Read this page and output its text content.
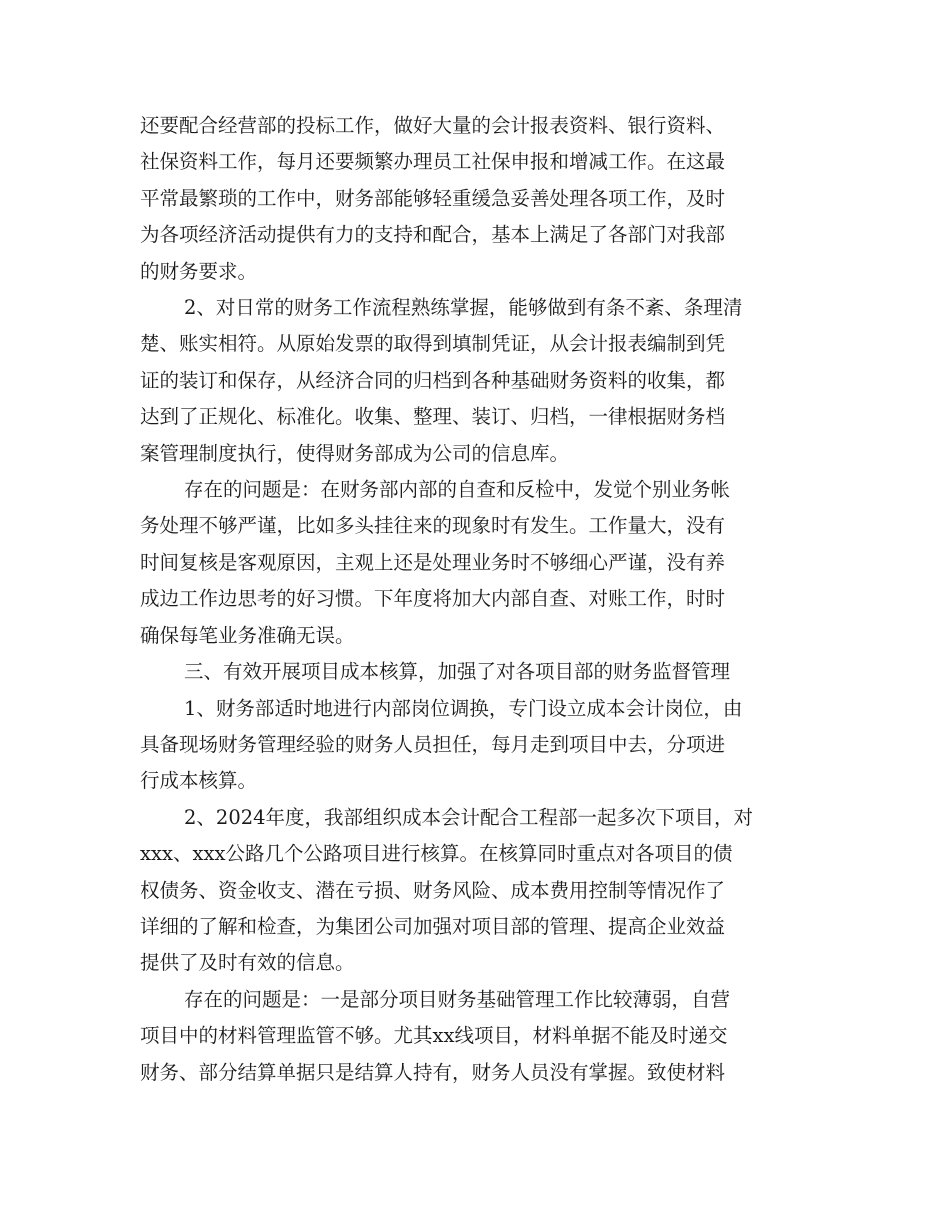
还要配合经营部的投标工作，做好大量的会计报表资料、银行资料、

社保资料工作，每月还要频繁办理员工社保申报和增减工作。在这最

平常最繁琐的工作中，财务部能够轻重缓急妥善处理各项工作，及时

为各项经济活动提供有力的支持和配合，基本上满足了各部门对我部

的财务要求。

2、对日常的财务工作流程熟练掌握，能够做到有条不紊、条理清

楚、账实相符。从原始发票的取得到填制凭证，从会计报表编制到凭

证的装订和保存，从经济合同的归档到各种基础财务资料的收集，都

达到了正规化、标准化。收集、整理、装订、归档，一律根据财务档

案管理制度执行，使得财务部成为公司的信息库。

存在的问题是：在财务部内部的自查和反检中，发觉个别业务帐

务处理不够严谨，比如多头挂往来的现象时有发生。工作量大，没有

时间复核是客观原因，主观上还是处理业务时不够细心严谨，没有养

成边工作边思考的好习惯。下年度将加大内部自查、对账工作，时时

确保每笔业务准确无误。

三、有效开展项目成本核算，加强了对各项目部的财务监督管理

1、财务部适时地进行内部岗位调换，专门设立成本会计岗位，由

具备现场财务管理经验的财务人员担任，每月走到项目中去，分项进

行成本核算。

2、2024年度，我部组织成本会计配合工程部一起多次下项目，对

xxx、xxx公路几个公路项目进行核算。在核算同时重点对各项目的债

权债务、资金收支、潜在亏损、财务风险、成本费用控制等情况作了

详细的了解和检查，为集团公司加强对项目部的管理、提高企业效益

提供了及时有效的信息。

存在的问题是：一是部分项目财务基础管理工作比较薄弱，自营

项目中的材料管理监管不够。尤其xx线项目，材料单据不能及时递交

财务、部分结算单据只是结算人持有，财务人员没有掌握。致使材料
